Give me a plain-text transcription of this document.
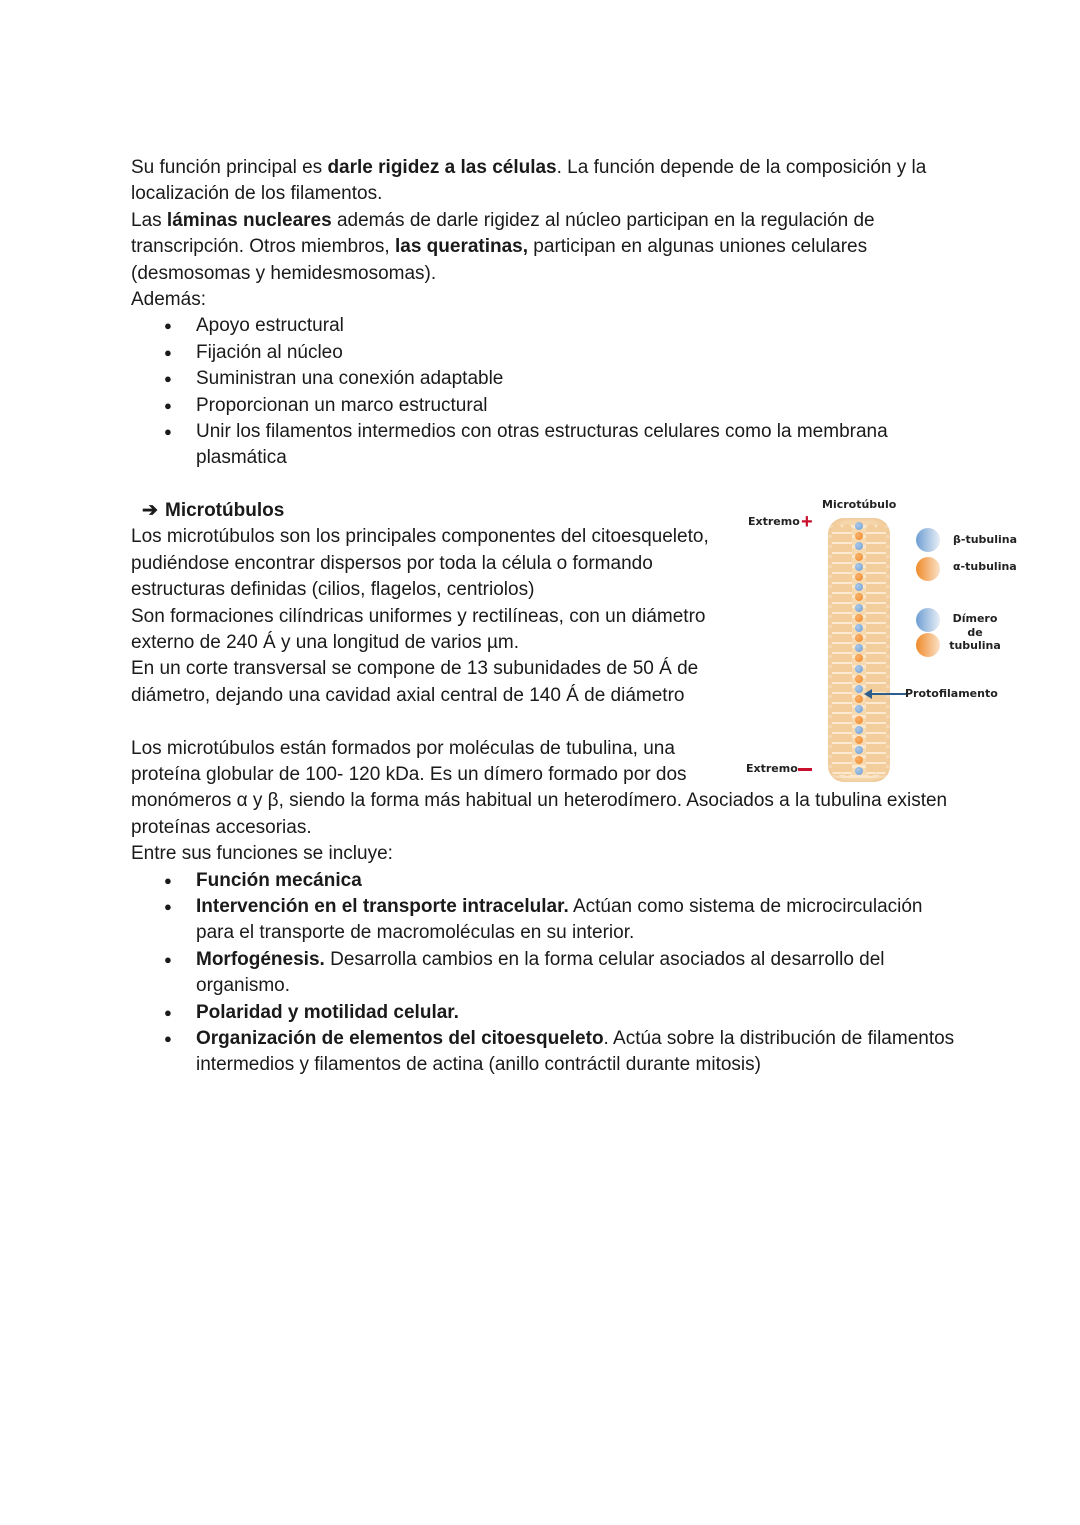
Su función principal es darle rigidez a las células. La función depende de la composición y la localización de los filamentos.

Las láminas nucleares además de darle rigidez al núcleo participan en la regulación de transcripción. Otros miembros, las queratinas, participan en algunas uniones celulares (desmosomas y hemidesmosomas).

Además:

● Apoyo estructural
● Fijación al núcleo
● Suministran una conexión adaptable
● Proporcionan un marco estructural
● Unir los filamentos intermedios con otras estructuras celulares como la membrana plasmática

➔ Microtúbulos

Los microtúbulos son los principales componentes del citoesqueleto, pudiéndose encontrar dispersos por toda la célula o formando estructuras definidas (cilios, flagelos, centriolos)

Son formaciones cilíndricas uniformes y rectilíneas, con un diámetro externo de 240 Á y una longitud de varios µm.

En un corte transversal se compone de 13 subunidades de 50 Á de diámetro, dejando una cavidad axial central de 140 Á de diámetro

Los microtúbulos están formados por moléculas de tubulina, una proteína globular de 100- 120 kDa. Es un dímero formado por dos

monómeros α y β, siendo la forma más habitual un heterodímero. Asociados a la tubulina existen proteínas accesorias.

Entre sus funciones se incluye:

● Función mecánica
● Intervención en el transporte intracelular. Actúan como sistema de microcirculación para el transporte de macromoléculas en su interior.
● Morfogénesis. Desarrolla cambios en la forma celular asociados al desarrollo del organismo.
● Polaridad y motilidad celular.
● Organización de elementos del citoesqueleto. Actúa sobre la distribución de filamentos intermedios y filamentos de actina (anillo contráctil durante mitosis)
Microtúbulo
Extremo +
Extremo
β-tubulina
α-tubulina
Dímero
de
tubulina
Protofilamento
